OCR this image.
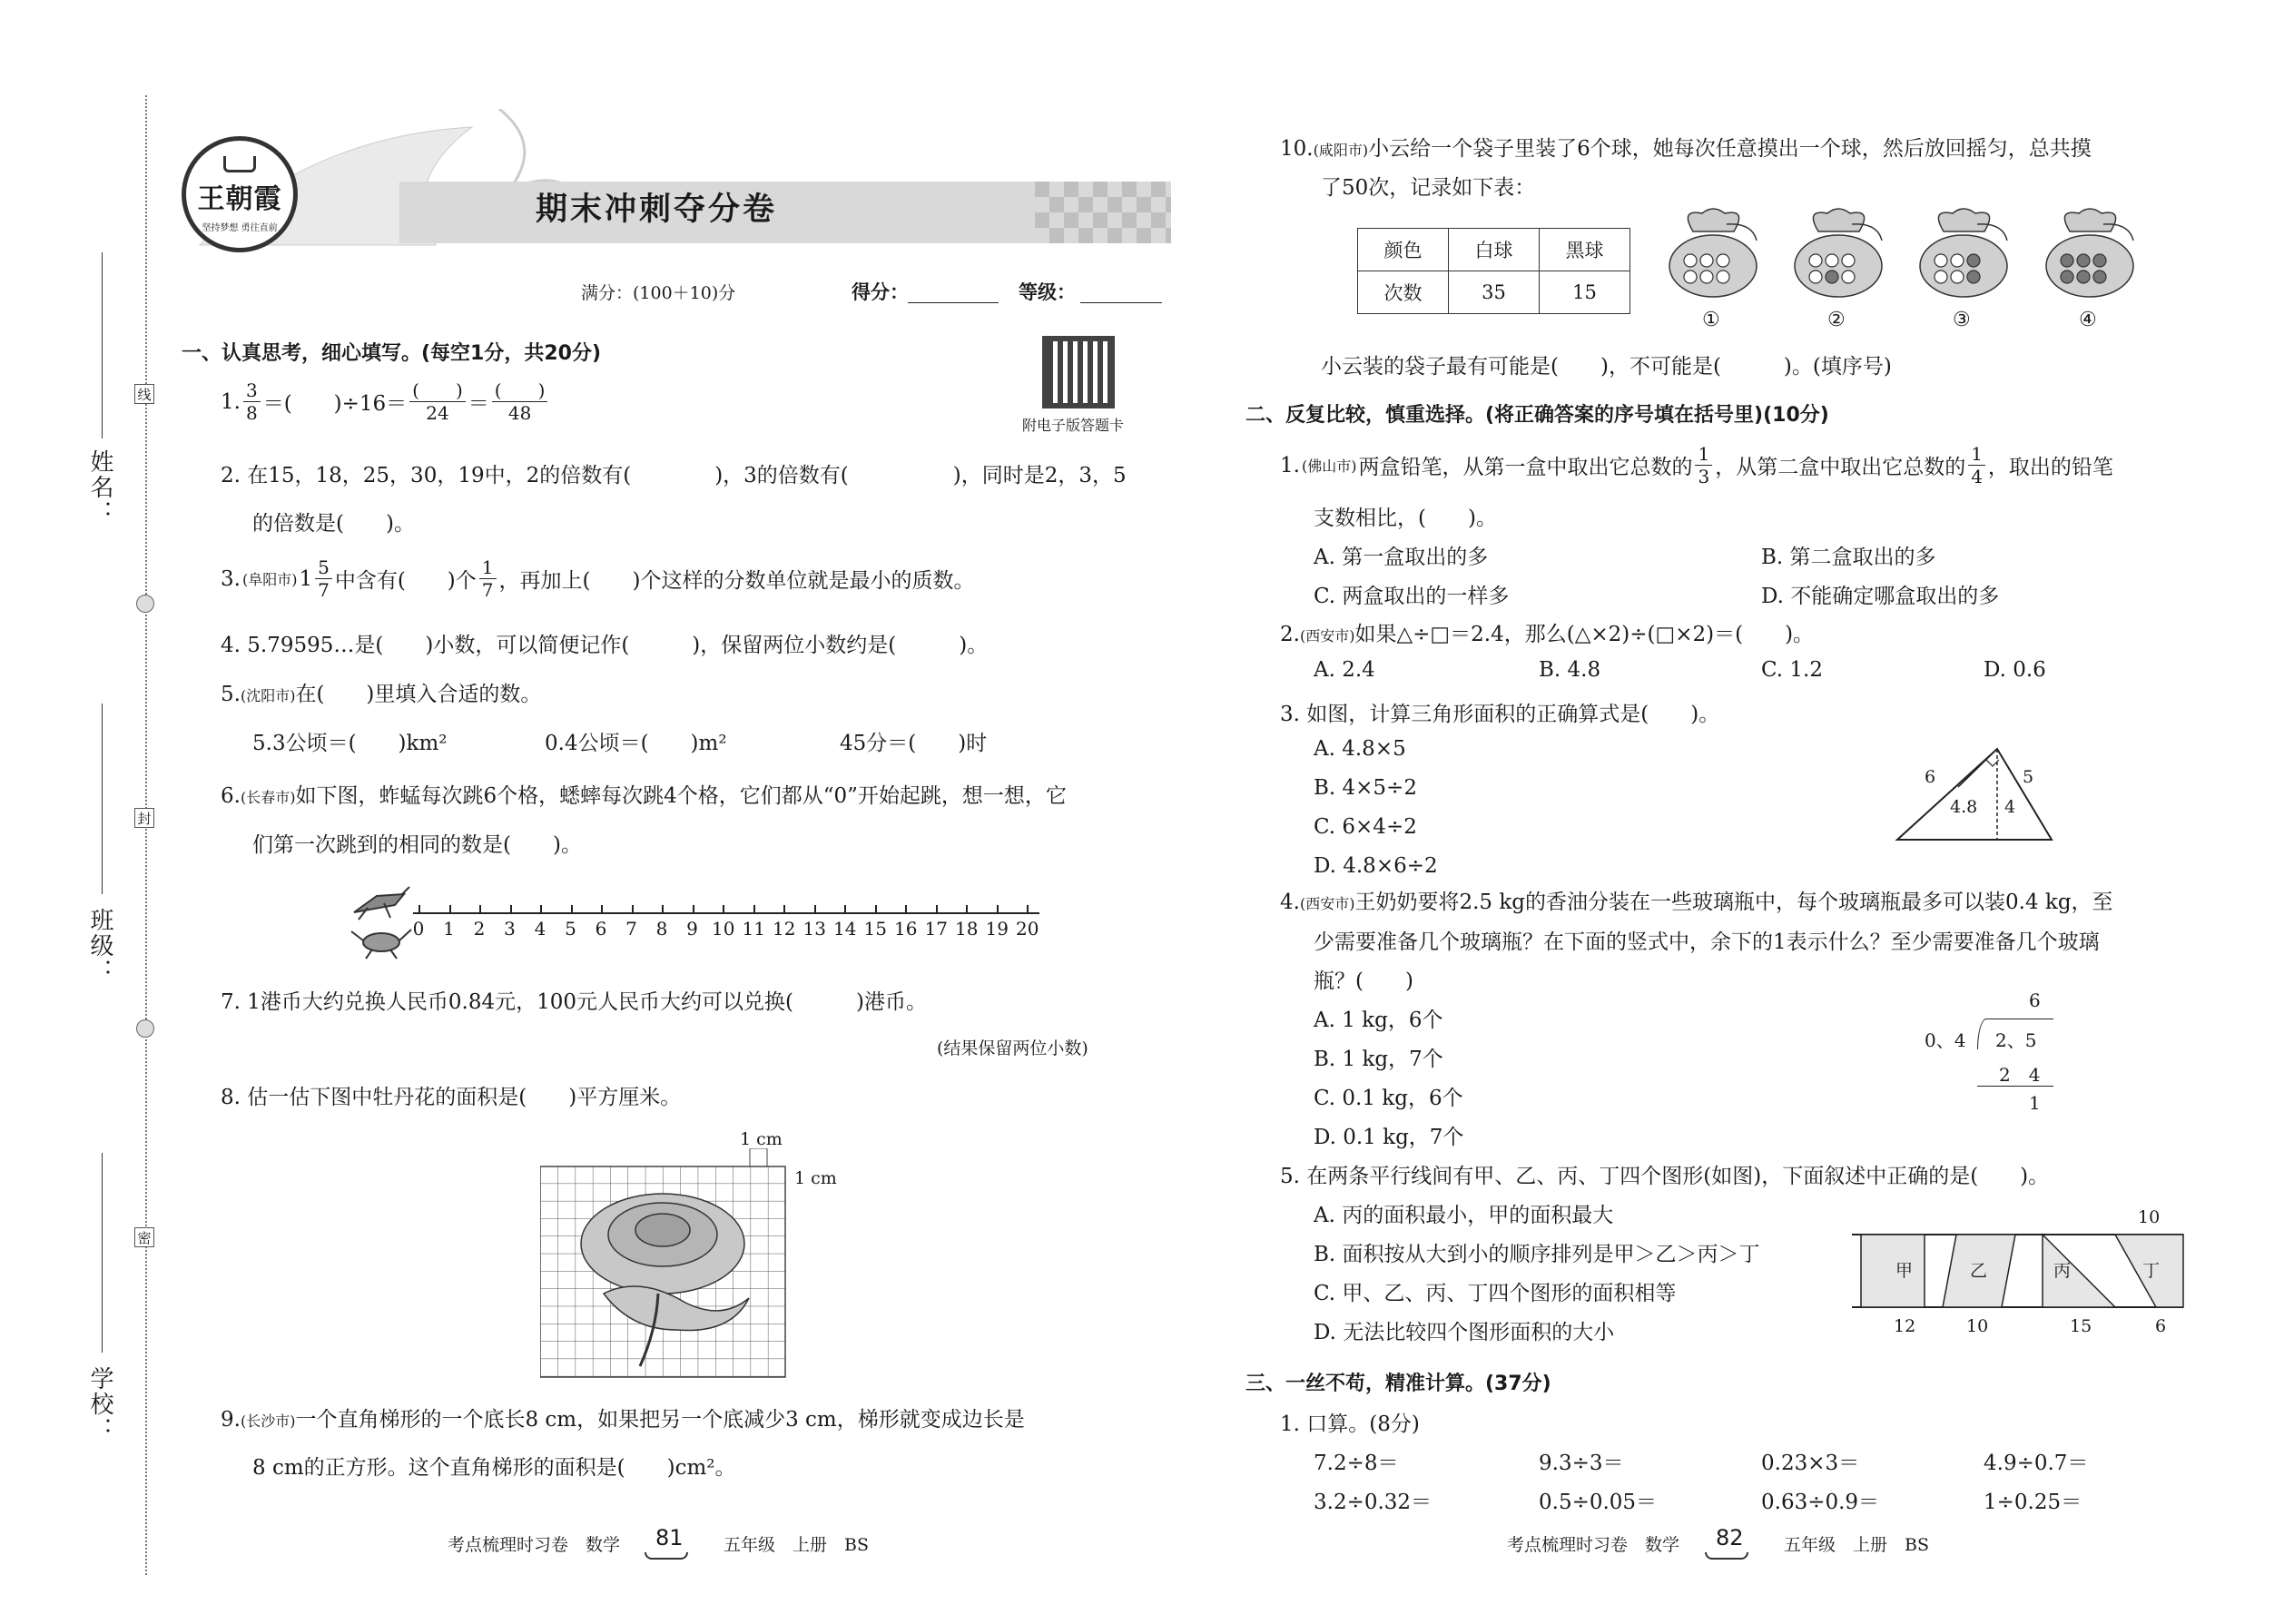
姓名：
班级：
学校：
线
封
密
王朝霞
坚持梦想 勇往直前	期末冲刺夺分卷
满分：(100＋10)分	得分：	等级：
附电子版答题卡
一、认真思考，细心填写。(每空1分，共20分)
1. $\frac{3}{8}$ ＝(　　)$\div 16= \frac{( )}{24} = \frac{( )}{48}$
2. 在15，18，25，30，19中，2的倍数有(　　　　)，3的倍数有(　　　　　)，同时是2，3，5
的倍数是(　　)。
3. (阜阳市) $1 \frac{5}{7}$ 中含有(　　)个 $\frac{1}{7}$ ，再加上(　　)个这样的分数单位就是最小的质数。
4. 5.79595…是(　　)小数，可以简便记作(　　　)，保留两位小数约是(　　　)。
5.(沈阳市)在(　　)里填入合适的数。
5.3公顷＝(　　)km²	0.4公顷＝(　　)m²	45分＝(　　)时
6.(长春市)如下图，蚱蜢每次跳6个格，蟋蟀每次跳4个格，它们都从“0”开始起跳，想一想，它
们第一次跳到的相同的数是(　　)。
0 1 2 3 4 5 6 7 8 9 10 11 12 13 14 15 16 17 18 19 20
7. 1港币大约兑换人民币0.84元，100元人民币大约可以兑换(　　　)港币。
(结果保留两位小数)
8. 估一估下图中牡丹花的面积是(　　)平方厘米。
1 cm
1 cm
9.(长沙市)一个直角梯形的一个底长8 cm，如果把另一个底减少3 cm，梯形就变成边长是
8 cm的正方形。这个直角梯形的面积是(　　)cm²。
考点梳理时习卷　数学 81 五年级　上册　BS
10.(咸阳市)小云给一个袋子里装了6个球，她每次任意摸出一个球，然后放回摇匀，总共摸
了50次，记录如下表：
颜色	白球	黑球
次数	35	15
①	②	③	④
小云装的袋子最有可能是(　　)，不可能是(　　　)。(填序号)
二、反复比较，慎重选择。(将正确答案的序号填在括号里)(10分)
1. (佛山市) 两盒铅笔，从第一盒中取出它总数的 $\frac{1}{3}$ ，从第二盒中取出它总数的 $\frac{1}{4}$ ，取出的铅笔
支数相比，(　　)。
A. 第一盒取出的多	B. 第二盒取出的多
C. 两盒取出的一样多	D. 不能确定哪盒取出的多
2.(西安市)如果△÷□＝2.4，那么(△×2)÷(□×2)＝(　　)。
A. 2.4	B. 4.8	C. 1.2	D. 0.6
3. 如图，计算三角形面积的正确算式是(　　)。
A. 4.8×5
B. 4×5÷2
C. 6×4÷2
D. 4.8×6÷2
6	5
4.8 4
4.(西安市)王奶奶要将2.5 kg的香油分装在一些玻璃瓶中，每个玻璃瓶最多可以装0.4 kg，至
少需要准备几个玻璃瓶？在下面的竖式中，余下的1表示什么？至少需要准备几个玻璃
瓶？(　　)
A. 1 kg，6个
B. 1 kg，7个
C. 0.1 kg，6个
D. 0.1 kg，7个
6
0、4 2、5
2　4
1
5. 在两条平行线间有甲、乙、丙、丁四个图形(如图)，下面叙述中正确的是(　　)。
A. 丙的面积最小，甲的面积最大
B. 面积按从大到小的顺序排列是甲＞乙＞丙＞丁
C. 甲、乙、丙、丁四个图形的面积相等
D. 无法比较四个图形面积的大小
10
甲	乙	丙	丁
12	10	15	6
三、一丝不苟，精准计算。(37分)
1. 口算。(8分)
7.2÷8＝	9.3÷3＝	0.23×3＝	4.9÷0.7＝
3.2÷0.32＝	0.5÷0.05＝	0.63÷0.9＝	1÷0.25＝
考点梳理时习卷　数学 82 五年级　上册　BS
